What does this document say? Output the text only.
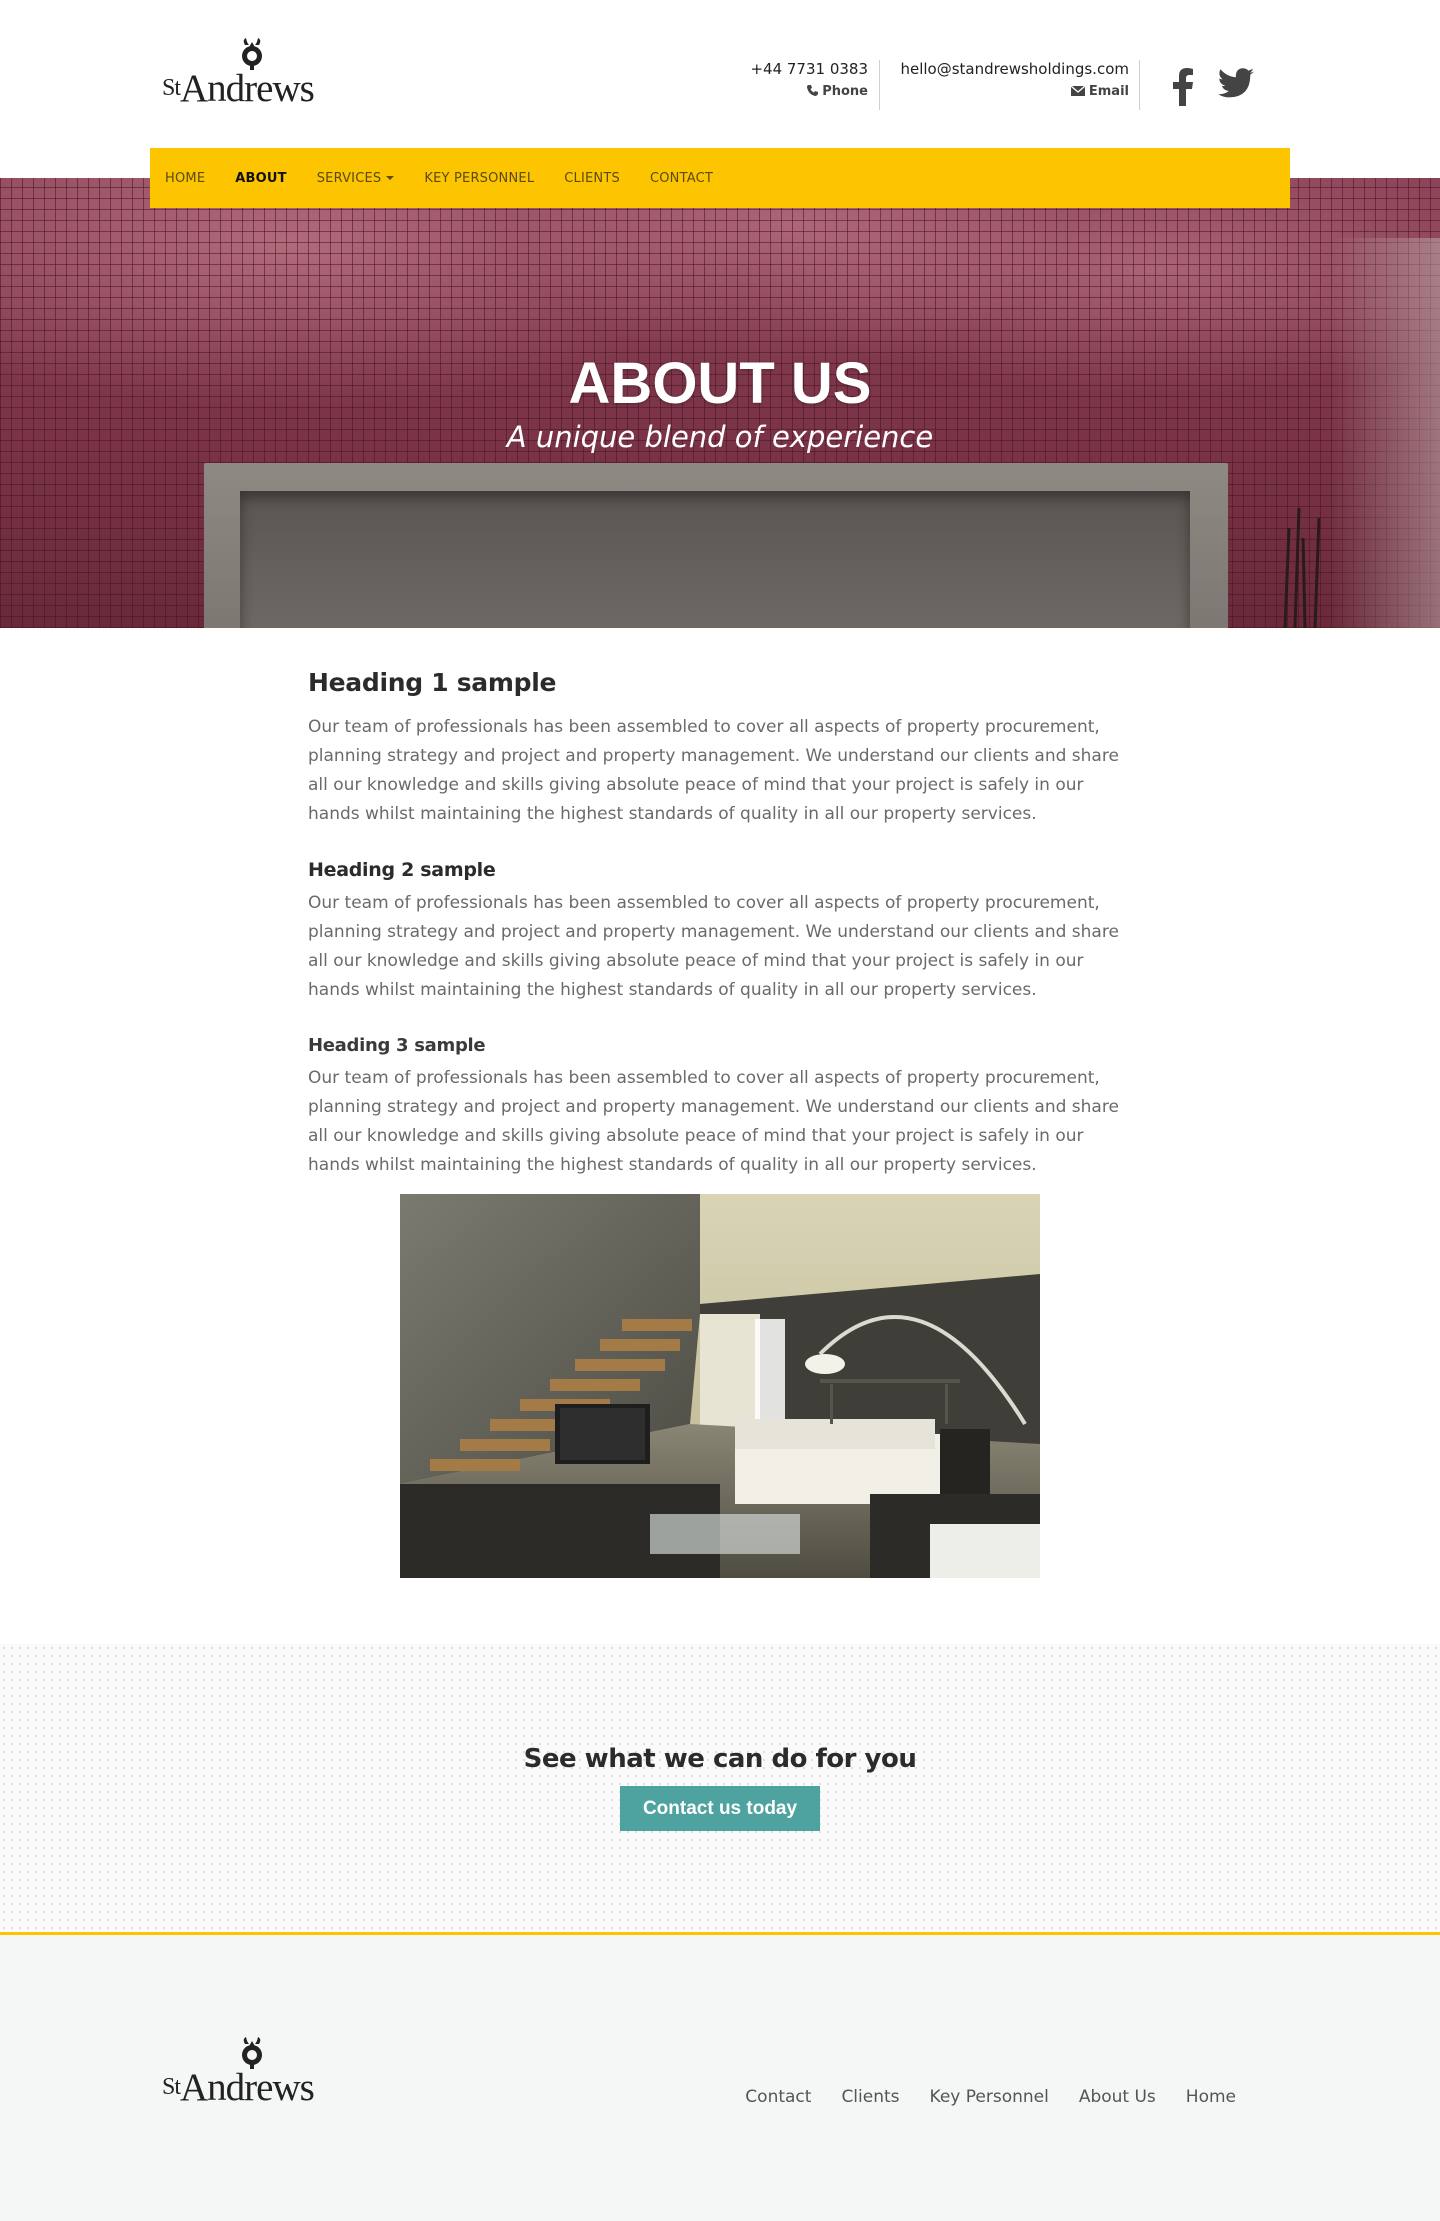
$^{St}$Andrews	+44 7731 0383
Phone
hello@standrewsholdings.com
Email
HOME ABOUT SERVICES	KEY PERSONNEL CLIENTS CONTACT
ABOUT US
A unique blend of experience
Heading 1 sample

Our team of professionals has been assembled to cover all aspects of property procurement, planning strategy and project and property management. We understand our clients and share all our knowledge and skills giving absolute peace of mind that your project is safely in our hands whilst maintaining the highest standards of quality in all our property services.

Heading 2 sample

Our team of professionals has been assembled to cover all aspects of property procurement, planning strategy and project and property management. We understand our clients and share all our knowledge and skills giving absolute peace of mind that your project is safely in our hands whilst maintaining the highest standards of quality in all our property services.

Heading 3 sample

Our team of professionals has been assembled to cover all aspects of property procurement, planning strategy and project and property management. We understand our clients and share all our knowledge and skills giving absolute peace of mind that your project is safely in our hands whilst maintaining the highest standards of quality in all our property services.

See what we can do for you
Contact us today
$^{St}$Andrews	Contact Clients Key Personnel About Us Home
